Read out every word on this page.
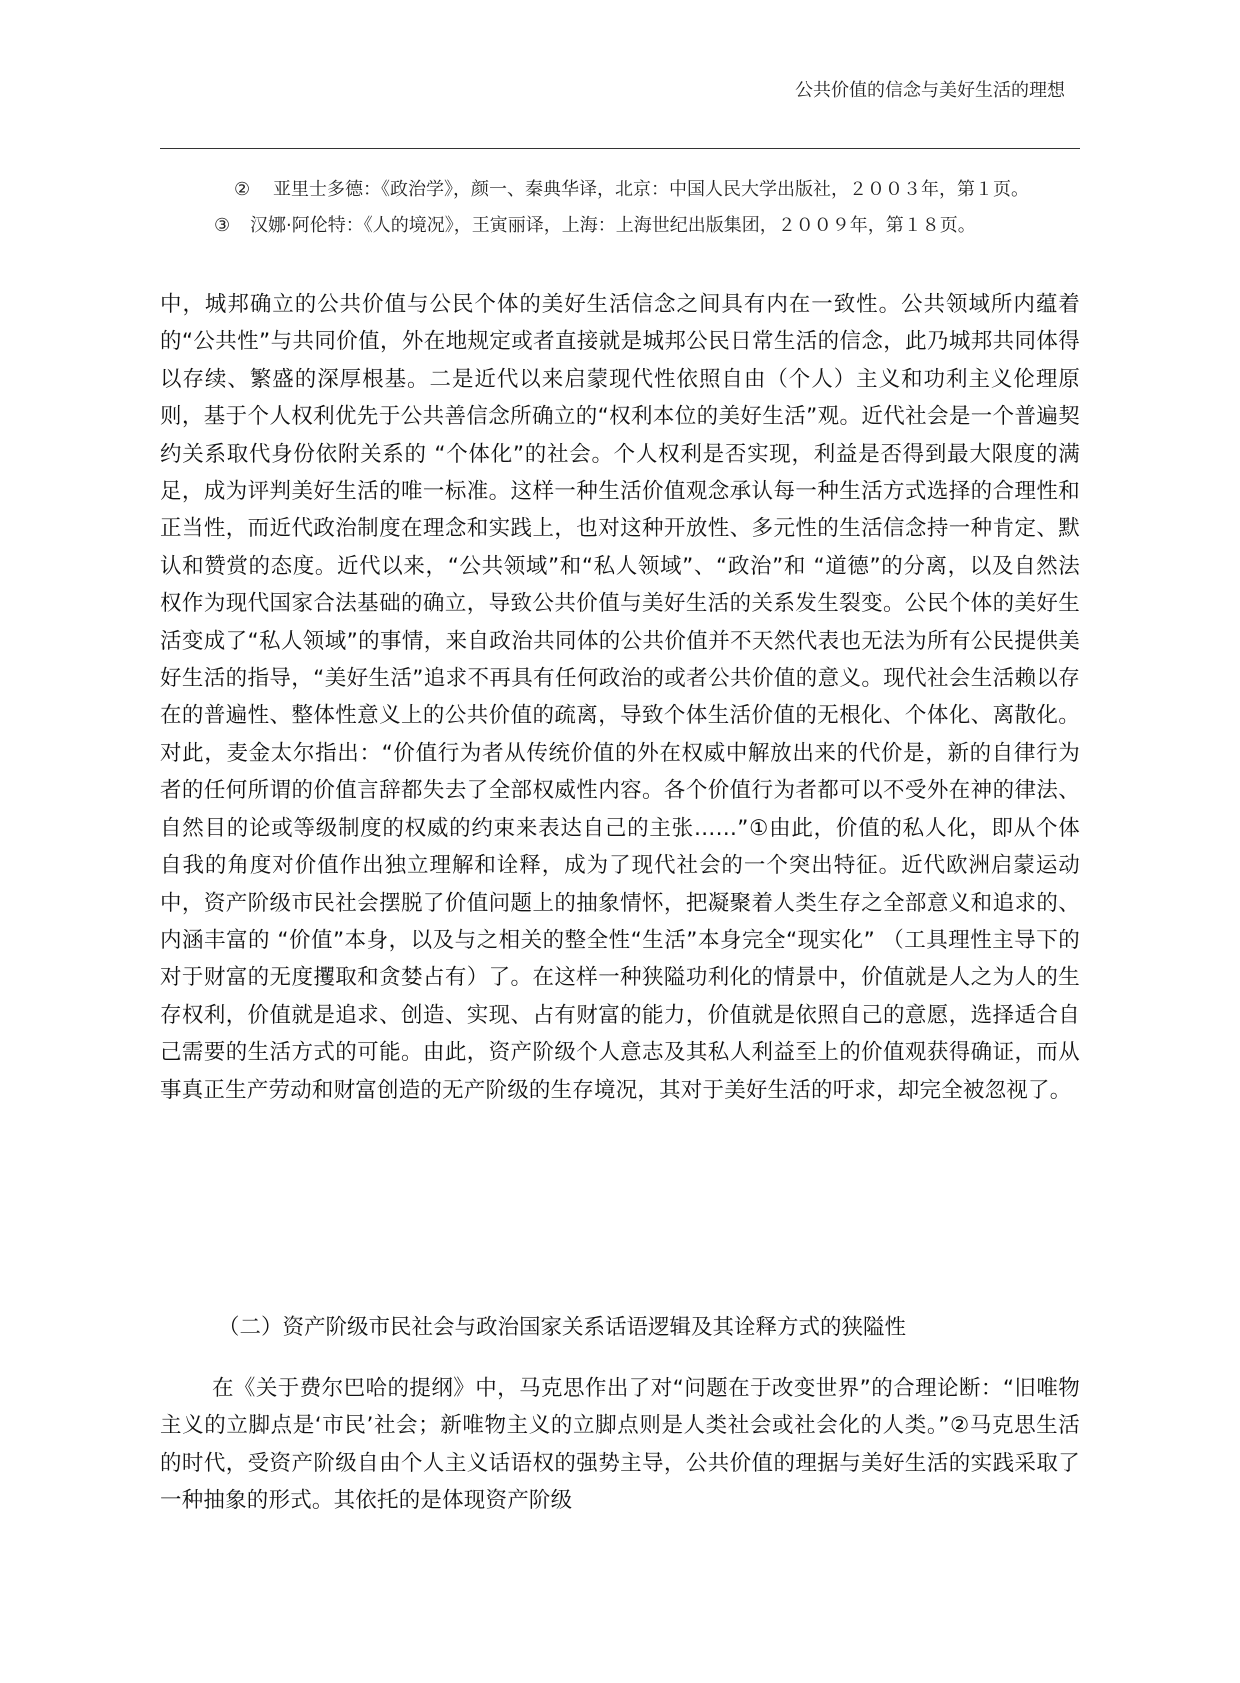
公共价值的信念与美好生活的理想

② 亚里士多德：《政治学》，颜一、秦典华译，北京：中国人民大学出版社，２００３年，第１页。

③ 汉娜·阿伦特：《人的境况》，王寅丽译，上海：上海世纪出版集团，２００９年，第１８页。

中，城邦确立的公共价值与公民个体的美好生活信念之间具有内在一致性。公共领域所内蕴着的“公共性”与共同价值，外在地规定或者直接就是城邦公民日常生活的信念，此乃城邦共同体得以存续、繁盛的深厚根基。二是近代以来启蒙现代性依照自由（个人）主义和功利主义伦理原则，基于个人权利优先于公共善信念所确立的“权利本位的美好生活”观。近代社会是一个普遍契约关系取代身份依附关系的 “个体化”的社会。个人权利是否实现，利益是否得到最大限度的满足，成为评判美好生活的唯一标准。这样一种生活价值观念承认每一种生活方式选择的合理性和正当性，而近代政治制度在理念和实践上，也对这种开放性、多元性的生活信念持一种肯定、默认和赞赏的态度。近代以来，“公共领域”和“私人领域”、“政治”和 “道德”的分离，以及自然法权作为现代国家合法基础的确立，导致公共价值与美好生活的关系发生裂变。公民个体的美好生活变成了“私人领域”的事情，来自政治共同体的公共价值并不天然代表也无法为所有公民提供美好生活的指导，“美好生活”追求不再具有任何政治的或者公共价值的意义。现代社会生活赖以存在的普遍性、整体性意义上的公共价值的疏离，导致个体生活价值的无根化、个体化、离散化。对此，麦金太尔指出：“价值行为者从传统价值的外在权威中解放出来的代价是，新的自律行为者的任何所谓的价值言辞都失去了全部权威性内容。各个价值行为者都可以不受外在神的律法、自然目的论或等级制度的权威的约束来表达自己的主张……”①由此，价值的私人化，即从个体自我的角度对价值作出独立理解和诠释，成为了现代社会的一个突出特征。近代欧洲启蒙运动中，资产阶级市民社会摆脱了价值问题上的抽象情怀，把凝聚着人类生存之全部意义和追求的、内涵丰富的 “价值”本身，以及与之相关的整全性“生活”本身完全“现实化” （工具理性主导下的对于财富的无度攫取和贪婪占有）了。在这样一种狭隘功利化的情景中，价值就是人之为人的生存权利，价值就是追求、创造、实现、占有财富的能力，价值就是依照自己的意愿，选择适合自己需要的生活方式的可能。由此，资产阶级个人意志及其私人利益至上的价值观获得确证，而从事真正生产劳动和财富创造的无产阶级的生存境况，其对于美好生活的吁求，却完全被忽视了。

（二）资产阶级市民社会与政治国家关系话语逻辑及其诠释方式的狭隘性
在《关于费尔巴哈的提纲》中，马克思作出了对“问题在于改变世界”的合理论断：“旧唯物主义的立脚点是‘市民’社会；新唯物主义的立脚点则是人类社会或社会化的人类。”②马克思生活的时代，受资产阶级自由个人主义话语权的强势主导，公共价值的理据与美好生活的实践采取了一种抽象的形式。其依托的是体现资产阶级
